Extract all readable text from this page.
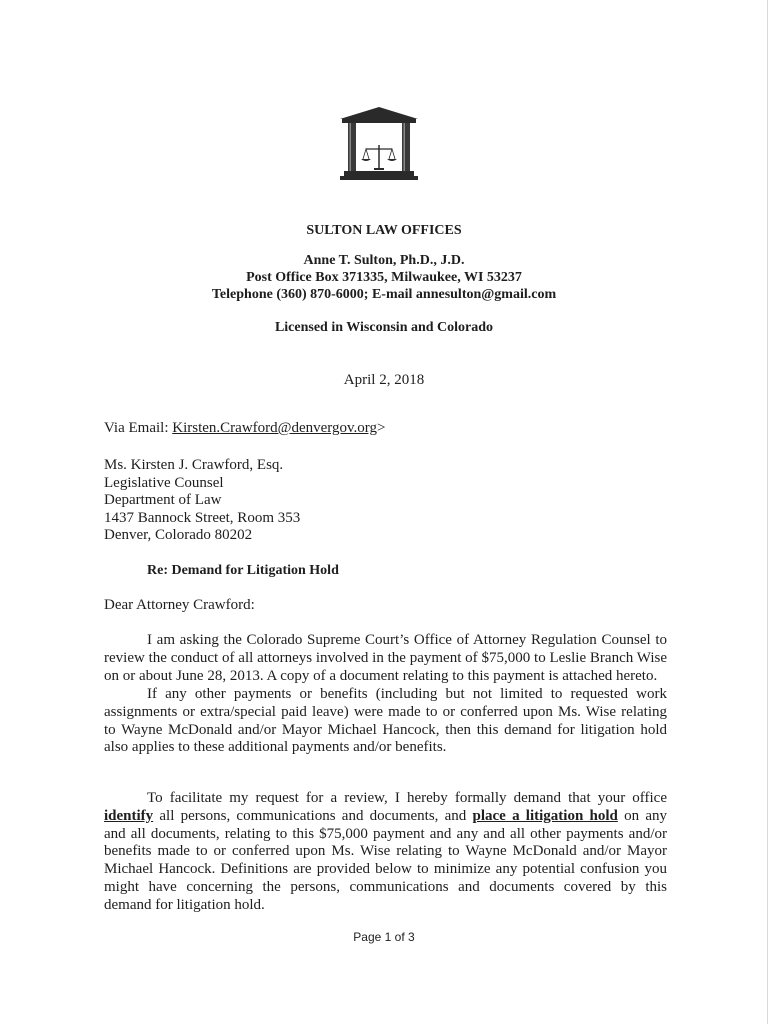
SULTON LAW OFFICES
Anne T. Sulton, Ph.D., J.D.
Post Office Box 371335, Milwaukee, WI 53237
Telephone (360) 870-6000; E-mail annesulton@gmail.com
Licensed in Wisconsin and Colorado
April 2, 2018
Via Email: Kirsten.Crawford@denvergov.org>
Ms. Kirsten J. Crawford, Esq.
Legislative Counsel
Department of Law
1437 Bannock Street, Room 353
Denver, Colorado 80202
Re: Demand for Litigation Hold
Dear Attorney Crawford:
I am asking the Colorado Supreme Court’s Office of Attorney Regulation Counsel to
review the conduct of all attorneys involved in the payment of $75,000 to Leslie Branch Wise
on or about June 28, 2013. A copy of a document relating to this payment is attached hereto.
If any other payments or benefits (including but not limited to requested work
assignments or extra/special paid leave) were made to or conferred upon Ms. Wise relating
to Wayne McDonald and/or Mayor Michael Hancock, then this demand for litigation hold
also applies to these additional payments and/or benefits.
To facilitate my request for a review, I hereby formally demand that your office
identify all persons, communications and documents, and place a litigation hold on any
and all documents, relating to this $75,000 payment and any and all other payments and/or
benefits made to or conferred upon Ms. Wise relating to Wayne McDonald and/or Mayor
Michael Hancock. Definitions are provided below to minimize any potential confusion you
might have concerning the persons, communications and documents covered by this
demand for litigation hold.
Page 1 of 3
